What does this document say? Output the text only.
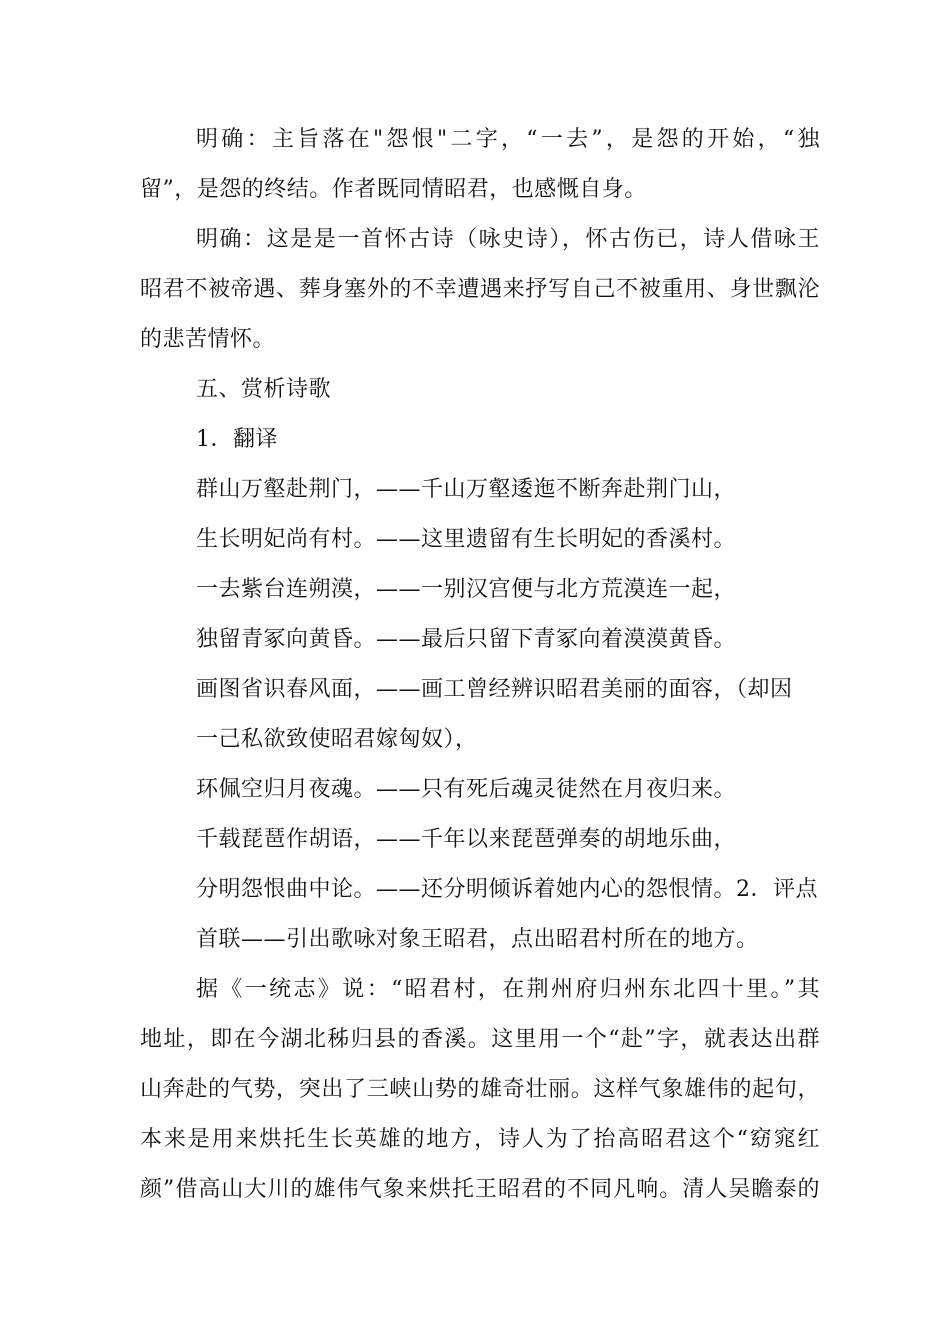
明确：主旨落在"怨恨"二字，“一去”，是怨的开始，“独
留”，是怨的终结。作者既同情昭君，也感慨自身。
明确：这是是一首怀古诗（咏史诗），怀古伤已，诗人借咏王
昭君不被帝遇、葬身塞外的不幸遭遇来抒写自己不被重用、身世飘沦
的悲苦情怀。
五、赏析诗歌
1．翻译
群山万壑赴荆门，——千山万壑逶迤不断奔赴荆门山，
生长明妃尚有村。——这里遗留有生长明妃的香溪村。
一去紫台连朔漠，——一别汉宫便与北方荒漠连一起，
独留青冢向黄昏。——最后只留下青冢向着漠漠黄昏。
画图省识春风面，——画工曾经辨识昭君美丽的面容，（却因
一己私欲致使昭君嫁匈奴），
环佩空归月夜魂。——只有死后魂灵徒然在月夜归来。
千载琵琶作胡语，——千年以来琵琶弹奏的胡地乐曲，
分明怨恨曲中论。——还分明倾诉着她内心的怨恨情。2．评点
首联——引出歌咏对象王昭君，点出昭君村所在的地方。
据《一统志》说：“昭君村，在荆州府归州东北四十里。”其
地址，即在今湖北秭归县的香溪。这里用一个“赴”字，就表达出群
山奔赴的气势，突出了三峡山势的雄奇壮丽。这样气象雄伟的起句，
本来是用来烘托生长英雄的地方，诗人为了抬高昭君这个“窈窕红
颜”借高山大川的雄伟气象来烘托王昭君的不同凡响。清人吴瞻泰的
